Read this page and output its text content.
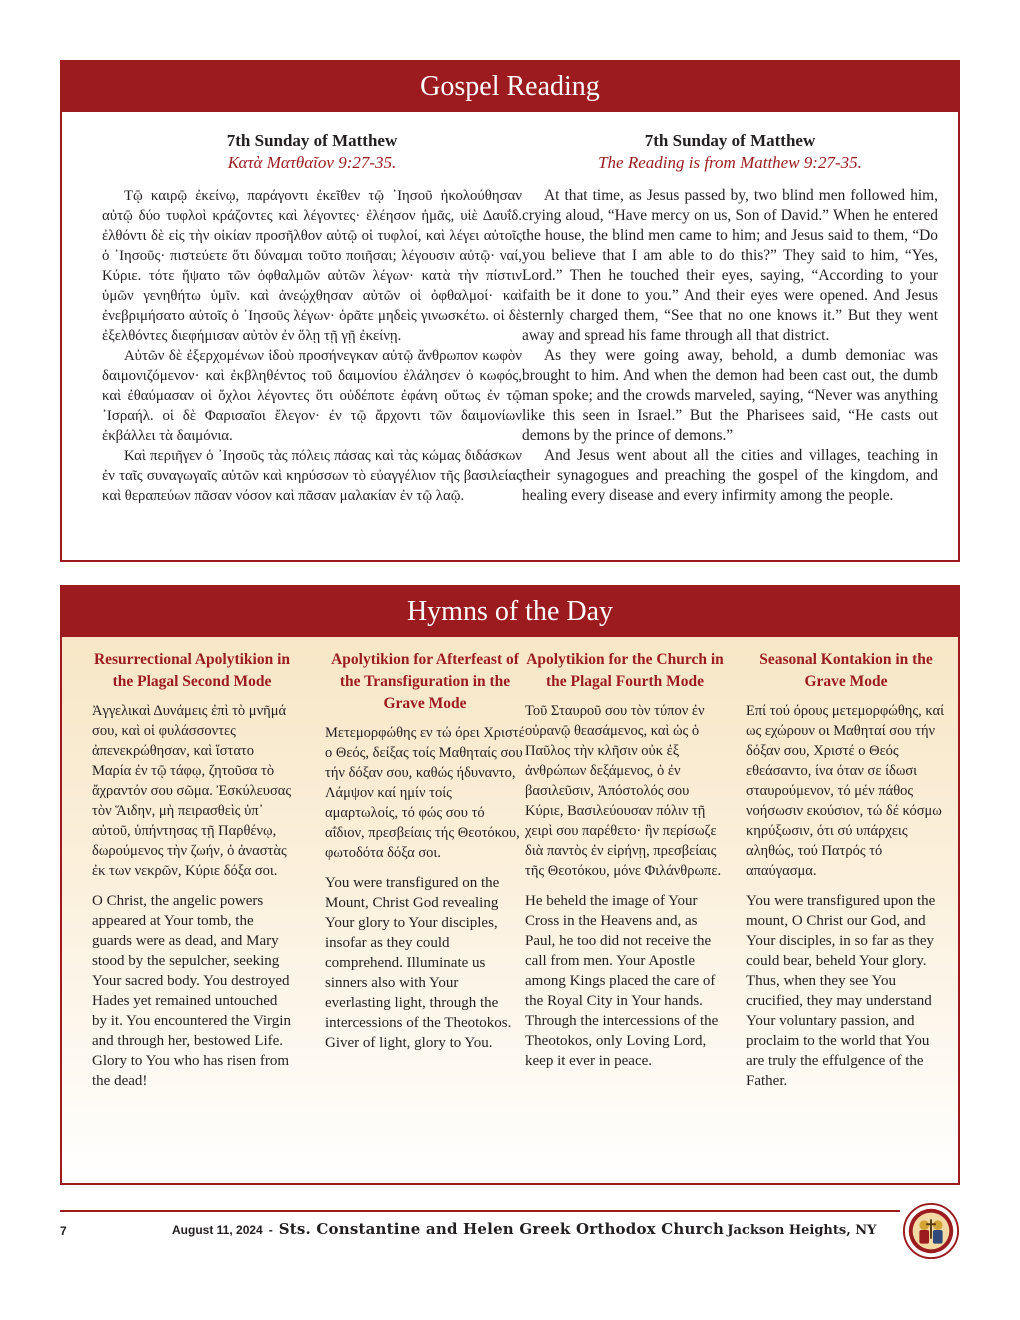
Gospel Reading
7th Sunday of Matthew
Κατὰ Ματθαῖον 9:27-35.

Τῷ καιρῷ ἐκείνῳ, παράγοντι ἐκεῖθεν τῷ ᾿Ιησοῦ ἠκολούθησαν αὐτῷ δύο τυφλοὶ κράζοντες καὶ λέγοντες· ἐλέησον ἡμᾶς, υἱὲ Δαυΐδ. ἐλθόντι δὲ εἰς τὴν οἰκίαν προσῆλθον αὐτῷ οἱ τυφλοί, καὶ λέγει αὐτοῖς ὁ ᾿Ιησοῦς· πιστεύετε ὅτι δύναμαι τοῦτο ποιῆσαι; λέγουσιν αὐτῷ· ναί, Κύριε. τότε ἥψατο τῶν ὀφθαλμῶν αὐτῶν λέγων· κατὰ τὴν πίστιν ὑμῶν γενηθήτω ὑμῖν. καὶ ἀνεῴχθησαν αὐτῶν οἱ ὀφθαλμοί· καὶ ἐνεβριμήσατο αὐτοῖς ὁ ᾿Ιησοῦς λέγων· ὁρᾶτε μηδεὶς γινωσκέτω. οἱ δὲ ἐξελθόντες διεφήμισαν αὐτὸν ἐν ὅλῃ τῇ γῇ ἐκείνῃ.

Αὐτῶν δὲ ἐξερχομένων ἰδοὺ προσήνεγκαν αὐτῷ ἄνθρωπον κωφὸν δαιμονιζόμενον· καὶ ἐκβληθέντος τοῦ δαιμονίου ἐλάλησεν ὁ κωφός, καὶ ἐθαύμασαν οἱ ὄχλοι λέγοντες ὅτι οὐδέποτε ἐφάνη οὕτως ἐν τῷ ᾿Ισραήλ. οἱ δὲ Φαρισαῖοι ἔλεγον· ἐν τῷ ἄρχοντι τῶν δαιμονίων ἐκβάλλει τὰ δαιμόνια.

Καὶ περιῆγεν ὁ ᾿Ιησοῦς τὰς πόλεις πάσας καὶ τὰς κώμας διδάσκων ἐν ταῖς συναγωγαῖς αὐτῶν καὶ κηρύσσων τὸ εὐαγγέλιον τῆς βασιλείας καὶ θεραπεύων πᾶσαν νόσον καὶ πᾶσαν μαλακίαν ἐν τῷ λαῷ.

7th Sunday of Matthew
The Reading is from Matthew 9:27-35.

At that time, as Jesus passed by, two blind men followed him, crying aloud, “Have mercy on us, Son of David.” When he entered the house, the blind men came to him; and Jesus said to them, “Do you believe that I am able to do this?” They said to him, “Yes, Lord.” Then he touched their eyes, saying, “According to your faith be it done to you.” And their eyes were opened. And Jesus sternly charged them, “See that no one knows it.” But they went away and spread his fame through all that district.

As they were going away, behold, a dumb demoniac was brought to him. And when the demon had been cast out, the dumb man spoke; and the crowds marveled, saying, “Never was anything like this seen in Israel.” But the Pharisees said, “He casts out demons by the prince of demons.”

And Jesus went about all the cities and villages, teaching in their synagogues and preaching the gospel of the kingdom, and healing every disease and every infirmity among the people.

Hymns of the Day
Resurrectional Apolytikion in the Plagal Second Mode

Ἀγγελικαὶ Δυνάμεις ἐπὶ τὸ μνῆμά σου, καὶ οἱ φυλάσσοντες ἀπενεκρώθησαν, καὶ ἵστατο Μαρία ἐν τῷ τάφῳ, ζητοῦσα τὸ ἄχραντόν σου σῶμα. Ἐσκύλευσας τὸν Ἅιδην, μὴ πειρασθεὶς ὑπ᾽ αὐτοῦ, ὑπήντησας τῇ Παρθένῳ, δωρούμενος τὴν ζωήν, ὁ ἀναστὰς ἐκ των νεκρῶν, Κύριε δόξα σοι.

O Christ, the angelic powers appeared at Your tomb, the guards were as dead, and Mary stood by the sepulcher, seeking Your sacred body. You destroyed Hades yet remained untouched by it. You encountered the Virgin and through her, bestowed Life. Glory to You who has risen from the dead!

Apolytikion for Afterfeast of the Transfiguration in the Grave Mode

Μετεμορφώθης εν τώ όρει Χριστέ ο Θεός, δείξας τοίς Μαθηταίς σου τήν δόξαν σου, καθώς ήδυναντο, Λάμψον καί ημίν τοίς αμαρτωλοίς, τό φώς σου τό αΐδιον, πρεσβείαις τής Θεοτόκου, φωτοδότα δόξα σοι.

You were transfigured on the Mount, Christ God revealing Your glory to Your disciples, insofar as they could comprehend. Illuminate us sinners also with Your everlasting light, through the intercessions of the Theotokos. Giver of light, glory to You.

Apolytikion for the Church in the Plagal Fourth Mode

Τοῦ Σταυροῦ σου τὸν τύπον ἐν οὐρανῷ θεασάμενος, καὶ ὡς ὁ Παῦλος τὴν κλῆσιν οὐκ ἐξ ἀνθρώπων δεξάμενος, ὁ ἐν βασιλεῦσιν, Ἀπόστολός σου Κύριε, Βασιλεύουσαν πόλιν τῇ χειρὶ σου παρέθετο· ἣν περίσωζε διὰ παντὸς ἐν εἰρήνῃ, πρεσβείαις τῆς Θεοτόκου, μόνε Φιλάνθρωπε.

He beheld the image of Your Cross in the Heavens and, as Paul, he too did not receive the call from men. Your Apostle among Kings placed the care of the Royal City in Your hands. Through the intercessions of the Theotokos, only Loving Lord, keep it ever in peace.

Seasonal Kontakion in the Grave Mode

Επί τού όρους μετεμορφώθης, καί ως εχώρουν οι Μαθηταί σου τήν δόξαν σου, Χριστέ ο Θεός εθεάσαντο, ίνα όταν σε ίδωσι σταυρούμενον, τό μέν πάθος νοήσωσιν εκούσιον, τώ δέ κόσμω κηρύξωσιν, ότι σύ υπάρχεις αληθώς, τού Πατρός τό απαύγασμα.

You were transfigured upon the mount, O Christ our God, and Your disciples, in so far as they could bear, beheld Your glory. Thus, when they see You crucified, they may understand Your voluntary passion, and proclaim to the world that You are truly the effulgence of the Father.

7	August 11, 2024 - Sts. Constantine and Helen Greek Orthodox Church Jackson Heights, NY
